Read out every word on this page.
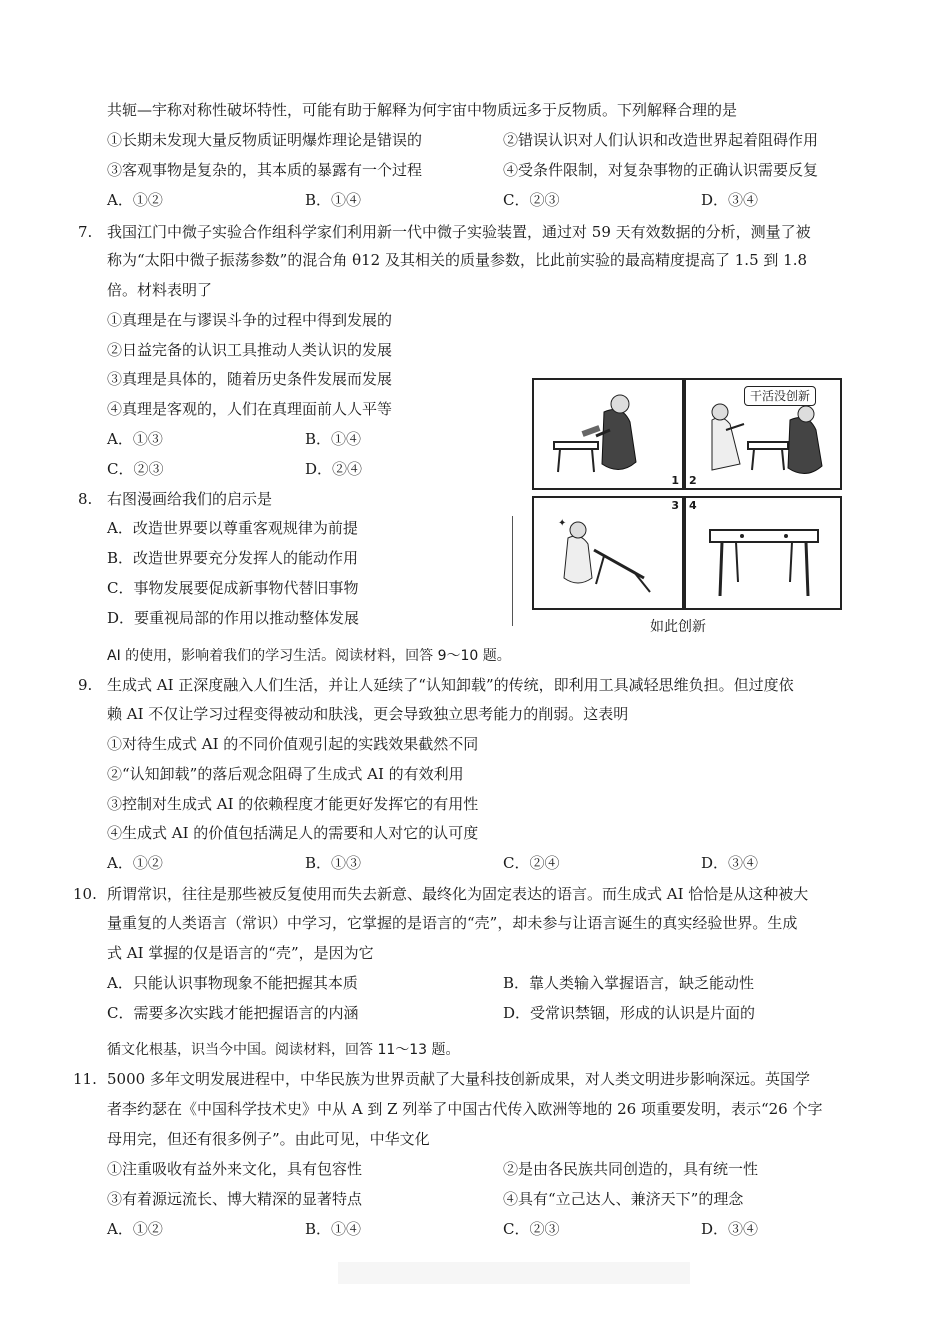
共轭—宇称对称性破坏特性，可能有助于解释为何宇宙中物质远多于反物质。下列解释合理的是
①长期未发现大量反物质证明爆炸理论是错误的	②错误认识对人们认识和改造世界起着阻碍作用
③客观事物是复杂的，其本质的暴露有一个过程	④受条件限制，对复杂事物的正确认识需要反复
A．①②	B．①④	C．②③	D．③④
7. 我国江门中微子实验合作组科学家们利用新一代中微子实验装置，通过对 59 天有效数据的分析，测量了被
称为“太阳中微子振荡参数”的混合角 θ12 及其相关的质量参数，比此前实验的最高精度提高了 1.5 到 1.8
倍。材料表明了
①真理是在与谬误斗争的过程中得到发展的
②日益完备的认识工具推动人类认识的发展
③真理是具体的，随着历史条件发展而发展
④真理是客观的，人们在真理面前人人平等
A．①③	B．①④
C．②③	D．②④
8. 右图漫画给我们的启示是
A．改造世界要以尊重客观规律为前提
B．改造世界要充分发挥人的能动作用
C．事物发展要促成新事物代替旧事物
D．要重视局部的作用以推动整体发展
1
干活没创新
2
✦
3 4
如此创新
AI 的使用，影响着我们的学习生活。阅读材料，回答 9～10 题。
9. 生成式 AI 正深度融入人们生活，并让人延续了“认知卸载”的传统，即利用工具减轻思维负担。但过度依
赖 AI 不仅让学习过程变得被动和肤浅，更会导致独立思考能力的削弱。这表明
①对待生成式 AI 的不同价值观引起的实践效果截然不同
②“认知卸载”的落后观念阻碍了生成式 AI 的有效利用
③控制对生成式 AI 的依赖程度才能更好发挥它的有用性
④生成式 AI 的价值包括满足人的需要和人对它的认可度
A．①②	B．①③	C．②④	D．③④
10. 所谓常识，往往是那些被反复使用而失去新意、最终化为固定表达的语言。而生成式 AI 恰恰是从这种被大
量重复的人类语言（常识）中学习，它掌握的是语言的“壳”，却未参与让语言诞生的真实经验世界。生成
式 AI 掌握的仅是语言的“壳”，是因为它
A．只能认识事物现象不能把握其本质	B．靠人类输入掌握语言，缺乏能动性
C．需要多次实践才能把握语言的内涵	D．受常识禁锢，形成的认识是片面的
循文化根基，识当今中国。阅读材料，回答 11～13 题。
11. 5000 多年文明发展进程中，中华民族为世界贡献了大量科技创新成果，对人类文明进步影响深远。英国学
者李约瑟在《中国科学技术史》中从 A 到 Z 列举了中国古代传入欧洲等地的 26 项重要发明，表示“26 个字
母用完，但还有很多例子”。由此可见，中华文化
①注重吸收有益外来文化，具有包容性	②是由各民族共同创造的，具有统一性
③有着源远流长、博大精深的显著特点	④具有“立己达人、兼济天下”的理念
A．①②	B．①④	C．②③	D．③④
